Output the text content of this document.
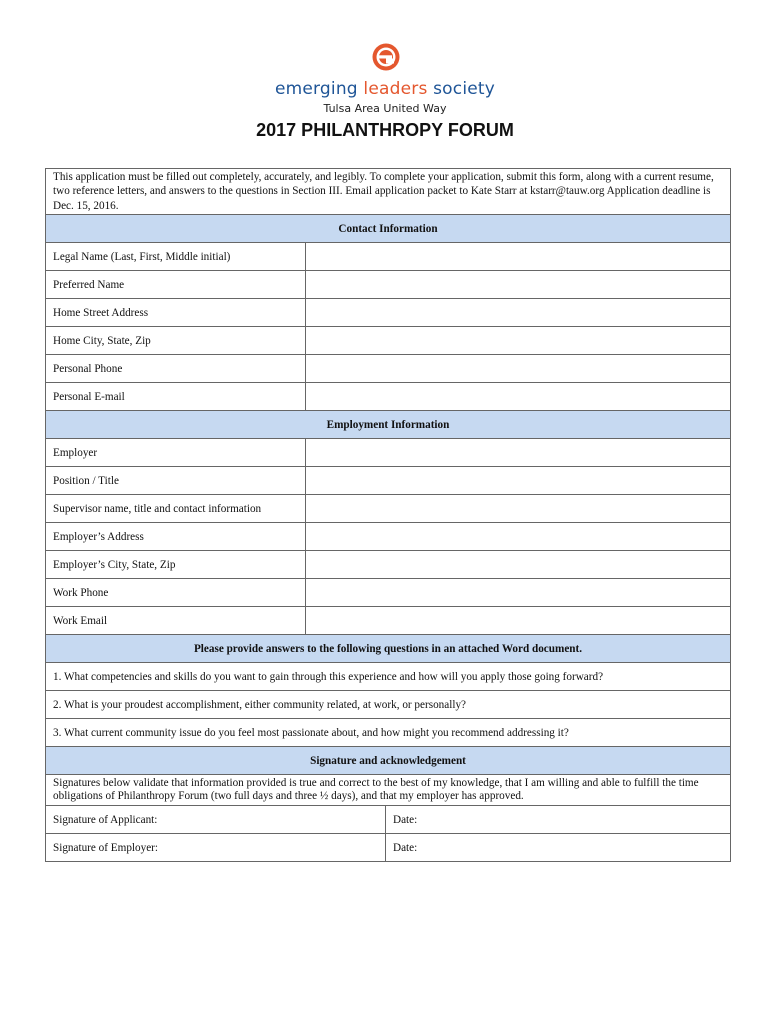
emerging leaders society
Tulsa Area United Way
2017 PHILANTHROPY FORUM
This application must be filled out completely, accurately, and legibly. To complete your application, submit this form, along with a current resume, two reference letters, and answers to the questions in Section III. Email application packet to Kate Starr at kstarr@tauw.org Application deadline is Dec. 15, 2016.		
Contact Information		
Legal Name (Last, First, Middle initial)		
Preferred Name		
Home Street Address		
Home City, State, Zip		
Personal Phone		
Personal E-mail		
Employment Information		
Employer		
Position / Title		
Supervisor name, title and contact information		
Employer’s Address		
Employer’s City, State, Zip		
Work Phone		
Work Email		
Please provide answers to the following questions in an attached Word document.		
1. What competencies and skills do you want to gain through this experience and how will you apply those going forward?		
2. What is your proudest accomplishment, either community related, at work, or personally?		
3. What current community issue do you feel most passionate about, and how might you recommend addressing it?		
Signature and acknowledgement		
Signatures below validate that information provided is true and correct to the best of my knowledge, that I am willing and able to fulfill the time obligations of Philanthropy Forum (two full days and three ½ days), and that my employer has approved.		
Signature of Applicant:		Date:
Signature of Employer:		Date:
